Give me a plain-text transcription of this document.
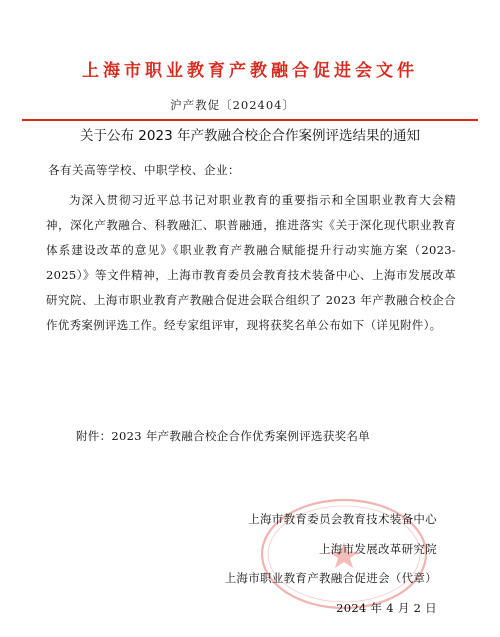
上海市职业教育产教融合促进会文件
沪产教促〔202404〕
关于公布 2023 年产教融合校企合作案例评选结果的通知
各有关高等学校、中职学校、企业：
为深入贯彻习近平总书记对职业教育的重要指示和全国职业教育大会精神，深化产教融合、科教融汇、职普融通，推进落实《关于深化现代职业教育体系建设改革的意见》《职业教育产教融合赋能提升行动实施方案（2023-2025）》等文件精神，上海市教育委员会教育技术装备中心、上海市发展改革研究院、上海市职业教育产教融合促进会联合组织了 2023 年产教融合校企合作优秀案例评选工作。经专家组评审，现将获奖名单公布如下（详见附件）。
附件：2023 年产教融合校企合作优秀案例评选获奖名单
上海市教育委员会教育技术装备中心
上海市发展改革研究院
上海市职业教育产教融合促进会（代章）
2024 年 4 月 2 日
